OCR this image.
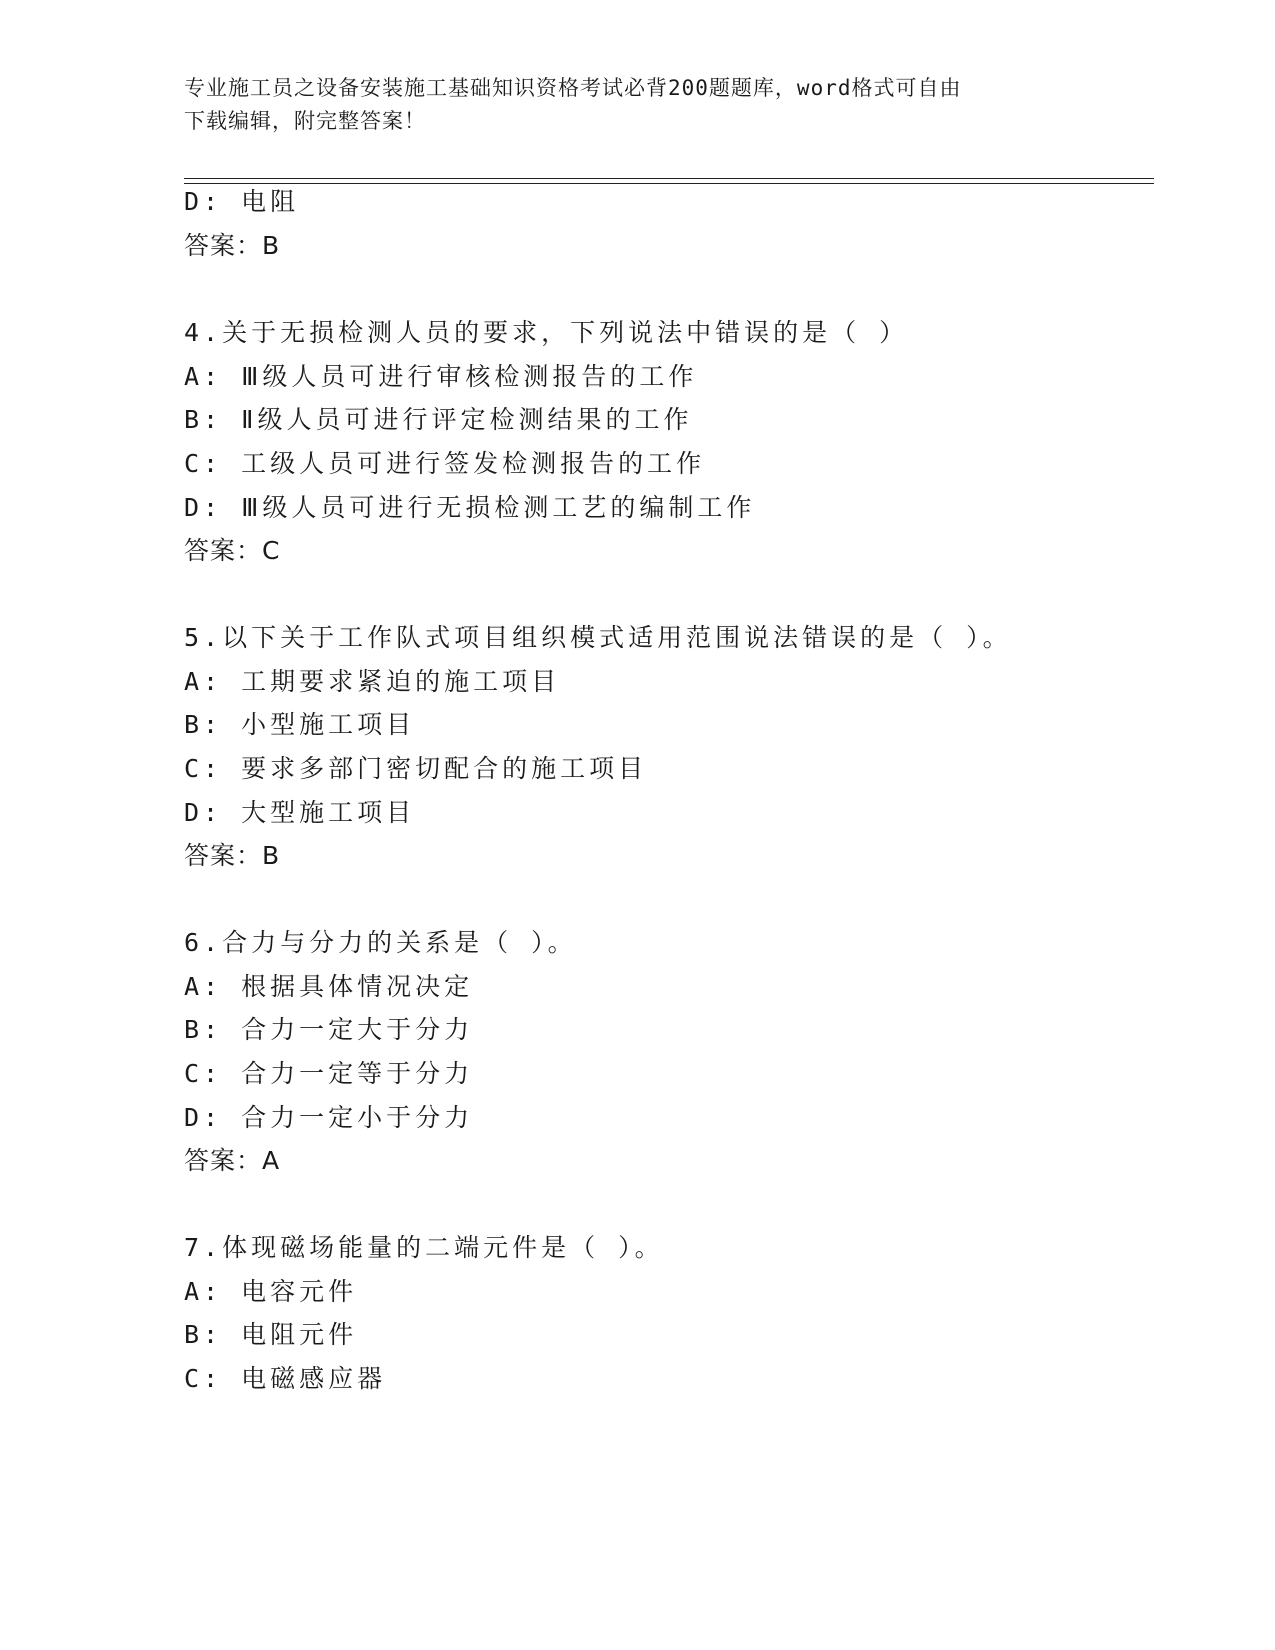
专业施工员之设备安装施工基础知识资格考试必背200题题库，word格式可自由
下载编辑，附完整答案！
D: 电阻
答案：B
4.关于无损检测人员的要求，下列说法中错误的是（ ）
A: Ⅲ级人员可进行审核检测报告的工作
B: Ⅱ级人员可进行评定检测结果的工作
C: 工级人员可进行签发检测报告的工作
D: Ⅲ级人员可进行无损检测工艺的编制工作
答案：C
5.以下关于工作队式项目组织模式适用范围说法错误的是（ ）。
A: 工期要求紧迫的施工项目
B: 小型施工项目
C: 要求多部门密切配合的施工项目
D: 大型施工项目
答案：B
6.合力与分力的关系是（ ）。
A: 根据具体情况决定
B: 合力一定大于分力
C: 合力一定等于分力
D: 合力一定小于分力
答案：A
7.体现磁场能量的二端元件是（ ）。
A: 电容元件
B: 电阻元件
C: 电磁感应器
